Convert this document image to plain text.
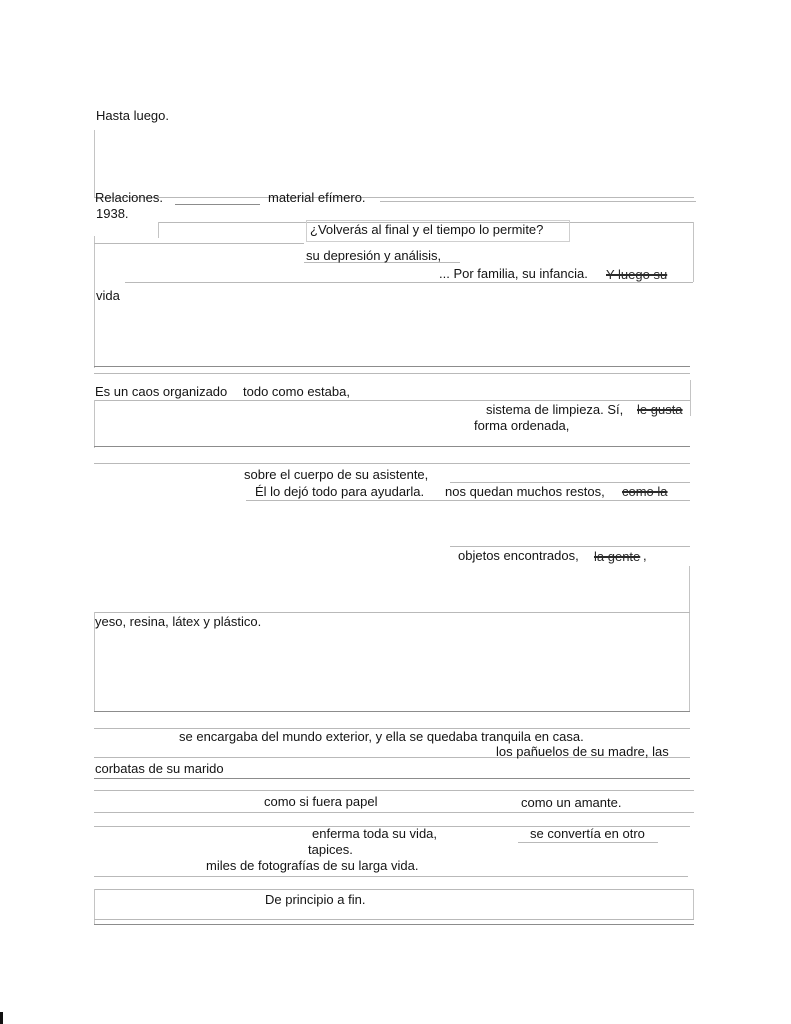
Hasta luego.
Relaciones.	material efímero.
1938.
¿Volverás al final y el tiempo lo permite?
su depresión y análisis,
... Por familia, su infancia. Y luego su
vida
Es un caos organizado todo como estaba,
sistema de limpieza. Sí, le gusta
forma ordenada,
sobre el cuerpo de su asistente,
Él lo dejó todo para ayudarla. nos quedan muchos restos, como la
objetos encontrados, la gente ,
yeso, resina, látex y plástico.
se encargaba del mundo exterior, y ella se quedaba tranquila en casa.
los pañuelos de su madre, las
corbatas de su marido
como si fuera papel	como un amante.
enferma toda su vida,	se convertía en otro
tapices.
miles de fotografías de su larga vida.
De principio a fin.
